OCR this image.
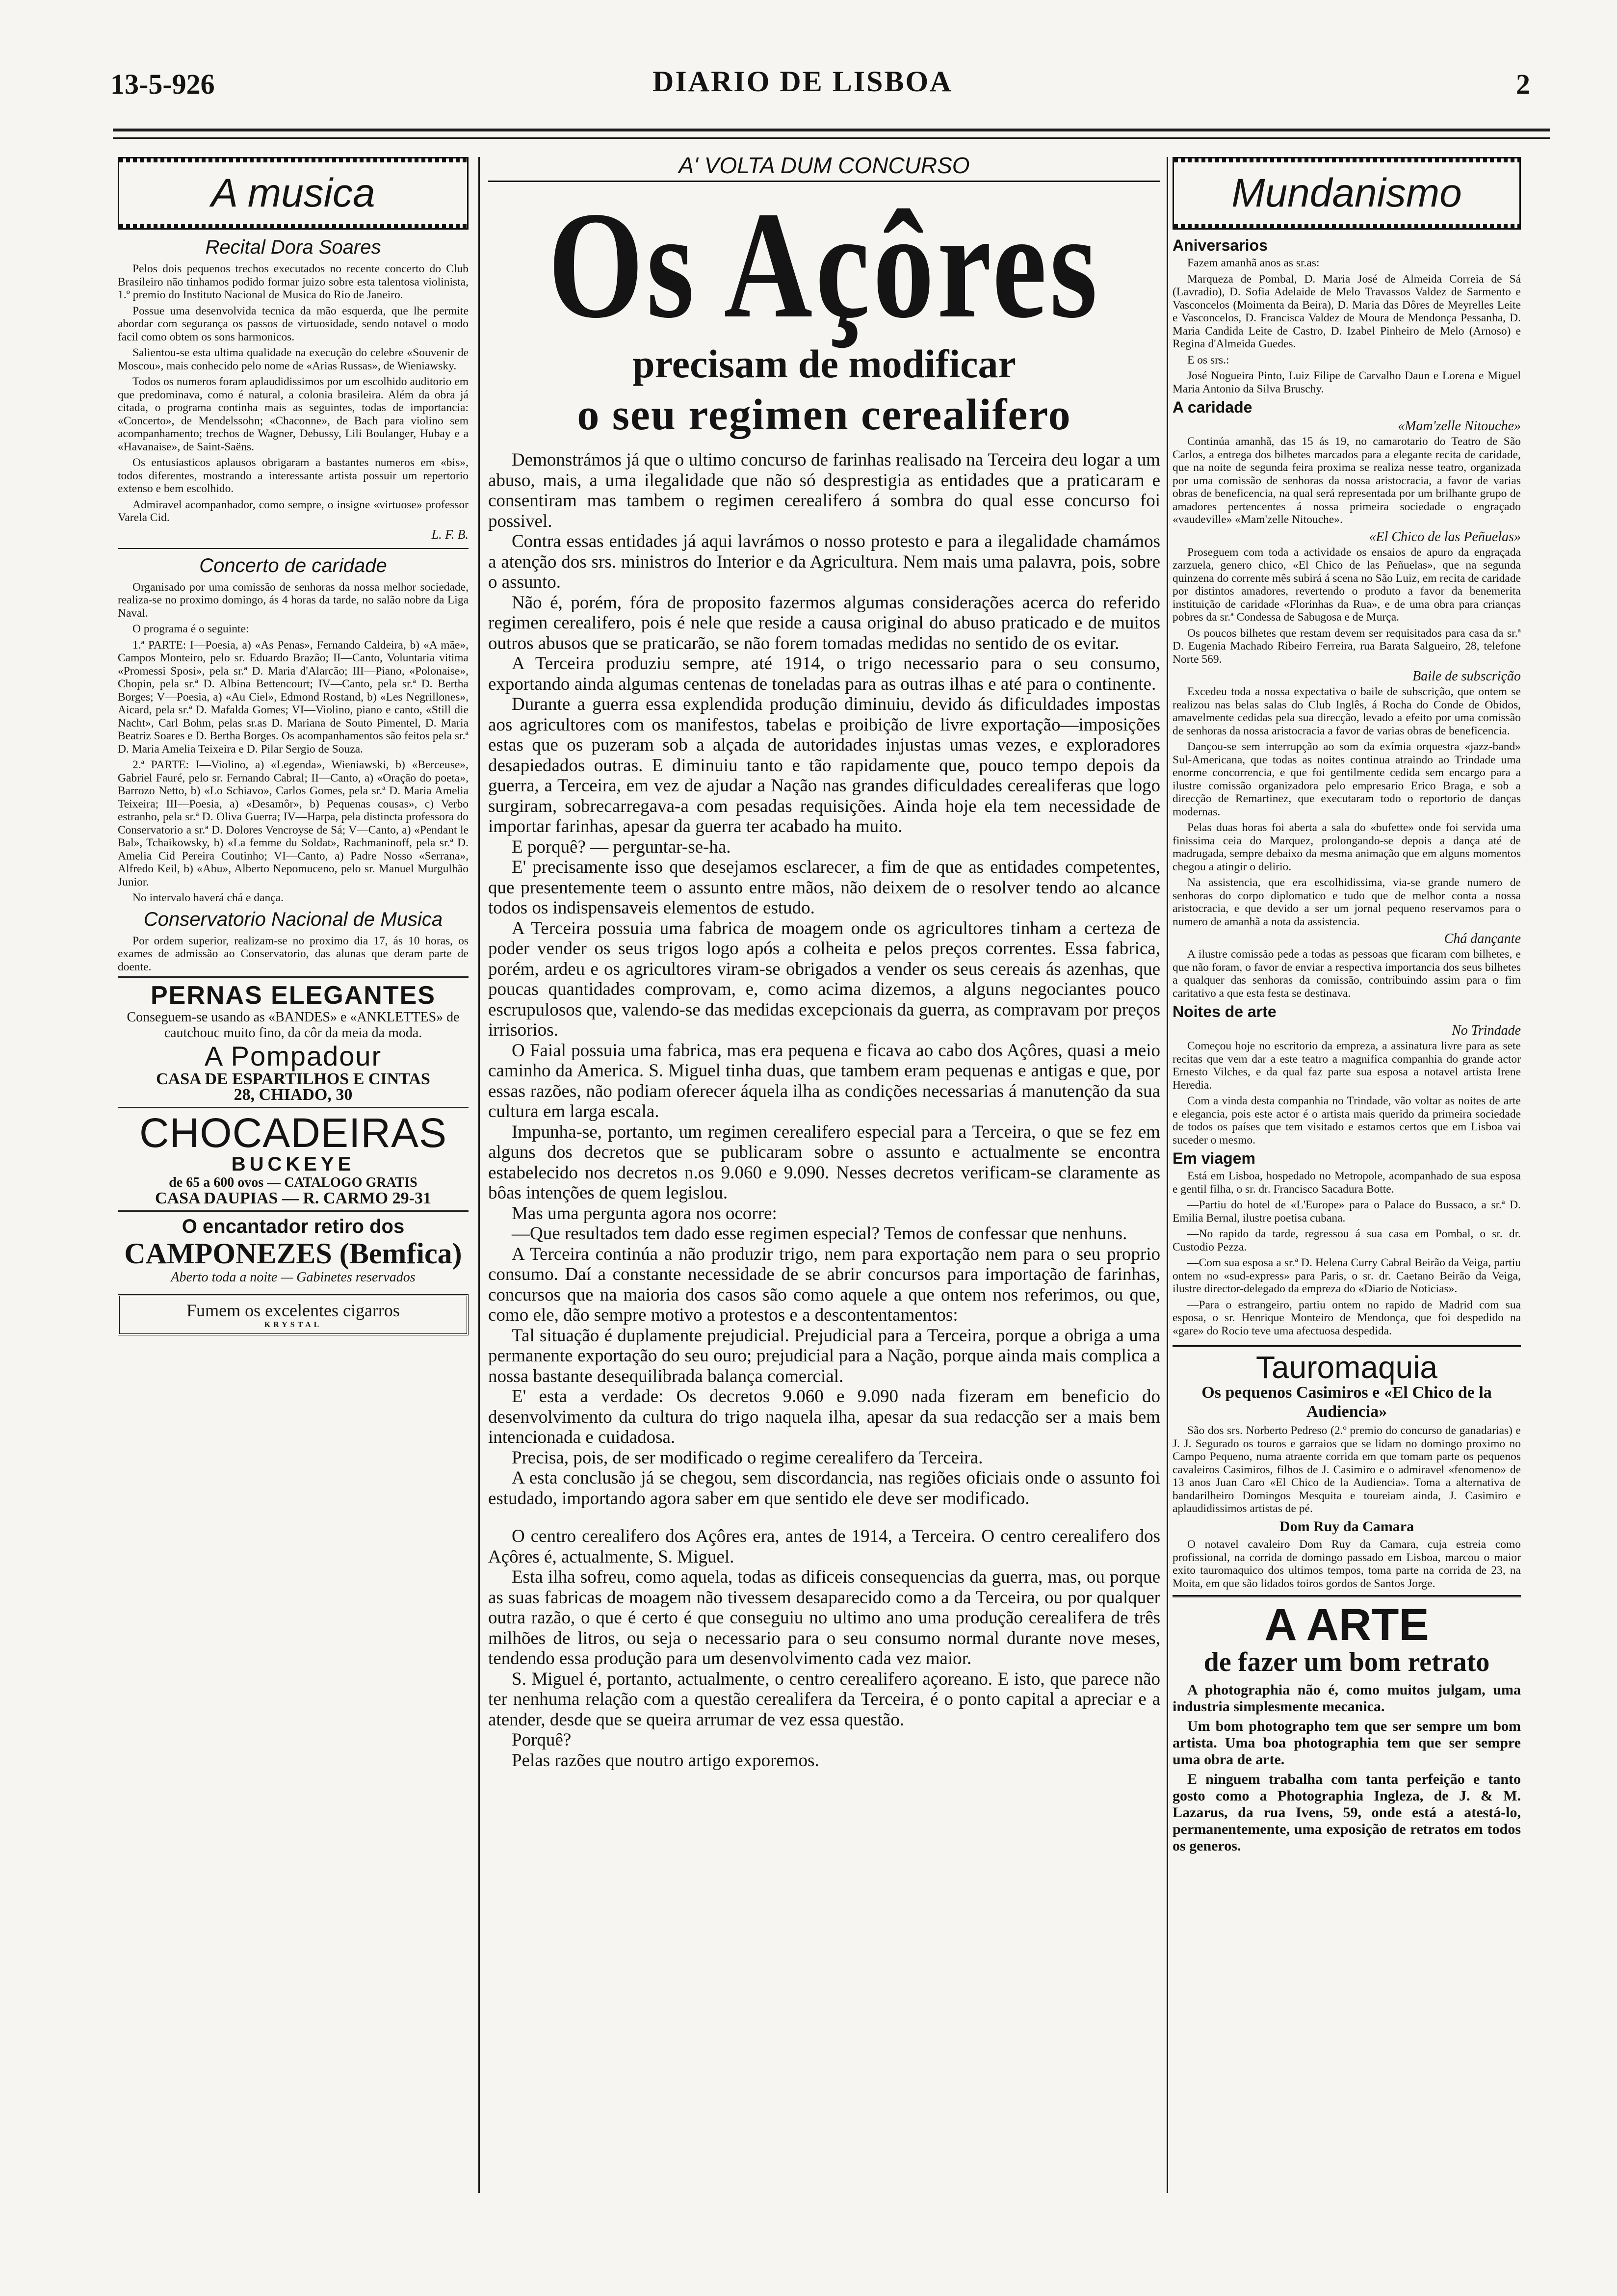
13-5-926	DIARIO DE LISBOA	2
A musica
Recital Dora Soares

Pelos dois pequenos trechos executados no recente concerto do Club Brasileiro não tinhamos podido formar juizo sobre esta talentosa violinista, 1.º premio do Instituto Nacional de Musica do Rio de Janeiro.

Possue uma desenvolvida tecnica da mão esquerda, que lhe permite abordar com segurança os passos de virtuosidade, sendo notavel o modo facil como obtem os sons harmonicos.

Salientou-se esta ultima qualidade na execução do celebre «Souvenir de Moscou», mais conhecido pelo nome de «Arias Russas», de Wieniawsky.

Todos os numeros foram aplaudidissimos por um escolhido auditorio em que predominava, como é natural, a colonia brasileira. Além da obra já citada, o programa continha mais as seguintes, todas de importancia: «Concerto», de Mendelssohn; «Chaconne», de Bach para violino sem acompanhamento; trechos de Wagner, Debussy, Lili Boulanger, Hubay e a «Havanaise», de Saint-Saëns.

Os entusiasticos aplausos obrigaram a bastantes numeros em «bis», todos diferentes, mostrando a interessante artista possuir um repertorio extenso e bem escolhido.

Admiravel acompanhador, como sempre, o insigne «virtuose» professor Varela Cid.

L. F. B.
Concerto de caridade

Organisado por uma comissão de senhoras da nossa melhor sociedade, realiza-se no proximo domingo, ás 4 horas da tarde, no salão nobre da Liga Naval.

O programa é o seguinte:

1.ª PARTE: I—Poesia, a) «As Penas», Fernando Caldeira, b) «A mãe», Campos Monteiro, pelo sr. Eduardo Brazão; II—Canto, Voluntaria vitima «Promessi Sposi», pela sr.ª D. Maria d'Alarcão; III—Piano, «Polonaise», Chopin, pela sr.ª D. Albina Bettencourt; IV—Canto, pela sr.ª D. Bertha Borges; V—Poesia, a) «Au Ciel», Edmond Rostand, b) «Les Negrillones», Aicard, pela sr.ª D. Mafalda Gomes; VI—Violino, piano e canto, «Still die Nacht», Carl Bohm, pelas sr.as D. Mariana de Souto Pimentel, D. Maria Beatriz Soares e D. Bertha Borges. Os acompanhamentos são feitos pela sr.ª D. Maria Amelia Teixeira e D. Pilar Sergio de Souza.

2.ª PARTE: I—Violino, a) «Legenda», Wieniawski, b) «Berceuse», Gabriel Fauré, pelo sr. Fernando Cabral; II—Canto, a) «Oração do poeta», Barrozo Netto, b) «Lo Schiavo», Carlos Gomes, pela sr.ª D. Maria Amelia Teixeira; III—Poesia, a) «Desamôr», b) Pequenas cousas», c) Verbo estranho, pela sr.ª D. Oliva Guerra; IV—Harpa, pela distincta professora do Conservatorio a sr.ª D. Dolores Vencroyse de Sá; V—Canto, a) «Pendant le Bal», Tchaikowsky, b) «La femme du Soldat», Rachmaninoff, pela sr.ª D. Amelia Cid Pereira Coutinho; VI—Canto, a) Padre Nosso «Serrana», Alfredo Keil, b) «Abu», Alberto Nepomuceno, pelo sr. Manuel Murgulhão Junior.

No intervalo haverá chá e dança.

Conservatorio Nacional de Musica

Por ordem superior, realizam-se no proximo dia 17, ás 10 horas, os exames de admissão ao Conservatorio, das alunas que deram parte de doente.

PERNAS ELEGANTES
Conseguem-se usando as «BANDES» e «ANKLETTES» de cautchouc muito fino, da côr da meia da moda.
A Pompadour
CASA DE ESPARTILHOS E CINTAS
28, CHIADO, 30
CHOCADEIRAS
BUCKEYE
de 65 a 600 ovos — CATALOGO GRATIS
CASA DAUPIAS — R. CARMO 29-31
O encantador retiro dos
CAMPONEZES (Bemfica)
Aberto toda a noite — Gabinetes reservados
Fumem os excelentes cigarros
KRYSTAL
A' VOLTA DUM CONCURSO
Os Açôres
precisam de modificar
o seu regimen cerealifero

Demonstrámos já que o ultimo concurso de farinhas realisado na Terceira deu logar a um abuso, mais, a uma ilegalidade que não só desprestigia as entidades que a praticaram e consentiram mas tambem o regimen cerealifero á sombra do qual esse concurso foi possivel.

Contra essas entidades já aqui lavrámos o nosso protesto e para a ilegalidade chamámos a atenção dos srs. ministros do Interior e da Agricultura. Nem mais uma palavra, pois, sobre o assunto.

Não é, porém, fóra de proposito fazermos algumas considerações acerca do referido regimen cerealifero, pois é nele que reside a causa original do abuso praticado e de muitos outros abusos que se praticarão, se não forem tomadas medidas no sentido de os evitar.

A Terceira produziu sempre, até 1914, o trigo necessario para o seu consumo, exportando ainda algumas centenas de toneladas para as outras ilhas e até para o continente.

Durante a guerra essa explendida produção diminuiu, devido ás dificuldades impostas aos agricultores com os manifestos, tabelas e proibição de livre exportação—imposições estas que os puzeram sob a alçada de autoridades injustas umas vezes, e exploradores desapiedados outras. E diminuiu tanto e tão rapidamente que, pouco tempo depois da guerra, a Terceira, em vez de ajudar a Nação nas grandes dificuldades cerealiferas que logo surgiram, sobrecarregava-a com pesadas requisições. Ainda hoje ela tem necessidade de importar farinhas, apesar da guerra ter acabado ha muito.

E porquê? — perguntar-se-ha.

E' precisamente isso que desejamos esclarecer, a fim de que as entidades competentes, que presentemente teem o assunto entre mãos, não deixem de o resolver tendo ao alcance todos os indispensaveis elementos de estudo.

A Terceira possuia uma fabrica de moagem onde os agricultores tinham a certeza de poder vender os seus trigos logo após a colheita e pelos preços correntes. Essa fabrica, porém, ardeu e os agricultores viram-se obrigados a vender os seus cereais ás azenhas, que poucas quantidades comprovam, e, como acima dizemos, a alguns negociantes pouco escrupulosos que, valendo-se das medidas excepcionais da guerra, as compravam por preços irrisorios.

O Faial possuia uma fabrica, mas era pequena e ficava ao cabo dos Açôres, quasi a meio caminho da America. S. Miguel tinha duas, que tambem eram pequenas e antigas e que, por essas razões, não podiam oferecer áquela ilha as condições necessarias á manutenção da sua cultura em larga escala.

Impunha-se, portanto, um regimen cerealifero especial para a Terceira, o que se fez em alguns dos decretos que se publicaram sobre o assunto e actualmente se encontra estabelecido nos decretos n.os 9.060 e 9.090. Nesses decretos verificam-se claramente as bôas intenções de quem legislou.

Mas uma pergunta agora nos ocorre:

—Que resultados tem dado esse regimen especial? Temos de confessar que nenhuns.

A Terceira continúa a não produzir trigo, nem para exportação nem para o seu proprio consumo. Daí a constante necessidade de se abrir concursos para importação de farinhas, concursos que na maioria dos casos são como aquele a que ontem nos referimos, ou que, como ele, dão sempre motivo a protestos e a descontentamentos:

Tal situação é duplamente prejudicial. Prejudicial para a Terceira, porque a obriga a uma permanente exportação do seu ouro; prejudicial para a Nação, porque ainda mais complica a nossa bastante desequilibrada balança comercial.

E' esta a verdade: Os decretos 9.060 e 9.090 nada fizeram em beneficio do desenvolvimento da cultura do trigo naquela ilha, apesar da sua redacção ser a mais bem intencionada e cuidadosa.

Precisa, pois, de ser modificado o regime cerealifero da Terceira.

A esta conclusão já se chegou, sem discordancia, nas regiões oficiais onde o assunto foi estudado, importando agora saber em que sentido ele deve ser modificado.

O centro cerealifero dos Açôres era, antes de 1914, a Terceira. O centro cerealifero dos Açôres é, actualmente, S. Miguel.

Esta ilha sofreu, como aquela, todas as dificeis consequencias da guerra, mas, ou porque as suas fabricas de moagem não tivessem desaparecido como a da Terceira, ou por qualquer outra razão, o que é certo é que conseguiu no ultimo ano uma produção cerealifera de três milhões de litros, ou seja o necessario para o seu consumo normal durante nove meses, tendendo essa produção para um desenvolvimento cada vez maior.

S. Miguel é, portanto, actualmente, o centro cerealifero açoreano. E isto, que parece não ter nenhuma relação com a questão cerealifera da Terceira, é o ponto capital a apreciar e a atender, desde que se queira arrumar de vez essa questão.

Porquê?

Pelas razões que noutro artigo exporemos.

Mundanismo
Aniversarios

Fazem amanhã anos as sr.as:

Marqueza de Pombal, D. Maria José de Almeida Correia de Sá (Lavradio), D. Sofia Adelaide de Melo Travassos Valdez de Sarmento e Vasconcelos (Moimenta da Beira), D. Maria das Dôres de Meyrelles Leite e Vasconcelos, D. Francisca Valdez de Moura de Mendonça Pessanha, D. Maria Candida Leite de Castro, D. Izabel Pinheiro de Melo (Arnoso) e Regina d'Almeida Guedes.

E os srs.:

José Nogueira Pinto, Luiz Filipe de Carvalho Daun e Lorena e Miguel Maria Antonio da Silva Bruschy.

A caridade
«Mam'zelle Nitouche»

Continúa amanhã, das 15 ás 19, no camarotario do Teatro de São Carlos, a entrega dos bilhetes marcados para a elegante recita de caridade, que na noite de segunda feira proxima se realiza nesse teatro, organizada por uma comissão de senhoras da nossa aristocracia, a favor de varias obras de beneficencia, na qual será representada por um brilhante grupo de amadores pertencentes á nossa primeira sociedade o engraçado «vaudeville» «Mam'zelle Nitouche».

«El Chico de las Peñuelas»

Proseguem com toda a actividade os ensaios de apuro da engraçada zarzuela, genero chico, «El Chico de las Peñuelas», que na segunda quinzena do corrente mês subirá á scena no São Luiz, em recita de caridade por distintos amadores, revertendo o produto a favor da benemerita instituição de caridade «Florinhas da Rua», e de uma obra para crianças pobres da sr.ª Condessa de Sabugosa e de Murça.

Os poucos bilhetes que restam devem ser requisitados para casa da sr.ª D. Eugenia Machado Ribeiro Ferreira, rua Barata Salgueiro, 28, telefone Norte 569.

Baile de subscrição

Excedeu toda a nossa expectativa o baile de subscrição, que ontem se realizou nas belas salas do Club Inglês, á Rocha do Conde de Obidos, amavelmente cedidas pela sua direcção, levado a efeito por uma comissão de senhoras da nossa aristocracia a favor de varias obras de beneficencia.

Dançou-se sem interrupção ao som da exímia orquestra «jazz-band» Sul-Americana, que todas as noites continua atraindo ao Trindade uma enorme concorrencia, e que foi gentilmente cedida sem encargo para a ilustre comissão organizadora pelo empresario Erico Braga, e sob a direcção de Remartinez, que executaram todo o reportorio de danças modernas.

Pelas duas horas foi aberta a sala do «bufette» onde foi servida uma finissima ceia do Marquez, prolongando-se depois a dança até de madrugada, sempre debaixo da mesma animação que em alguns momentos chegou a atingir o delirio.

Na assistencia, que era escolhidissima, via-se grande numero de senhoras do corpo diplomatico e tudo que de melhor conta a nossa aristocracia, e que devido a ser um jornal pequeno reservamos para o numero de amanhã a nota da assistencia.

Chá dançante

A ilustre comissão pede a todas as pessoas que ficaram com bilhetes, e que não foram, o favor de enviar a respectiva importancia dos seus bilhetes a qualquer das senhoras da comissão, contribuindo assim para o fim caritativo a que esta festa se destinava.

Noites de arte
No Trindade

Começou hoje no escritorio da empreza, a assinatura livre para as sete recitas que vem dar a este teatro a magnifica companhia do grande actor Ernesto Vilches, e da qual faz parte sua esposa a notavel artista Irene Heredia.

Com a vinda desta companhia no Trindade, vão voltar as noites de arte e elegancia, pois este actor é o artista mais querido da primeira sociedade de todos os países que tem visitado e estamos certos que em Lisboa vai suceder o mesmo.

Em viagem

Está em Lisboa, hospedado no Metropole, acompanhado de sua esposa e gentil filha, o sr. dr. Francisco Sacadura Botte.

—Partiu do hotel de «L'Europe» para o Palace do Bussaco, a sr.ª D. Emilia Bernal, ilustre poetisa cubana.

—No rapido da tarde, regressou á sua casa em Pombal, o sr. dr. Custodio Pezza.

—Com sua esposa a sr.ª D. Helena Curry Cabral Beirão da Veiga, partiu ontem no «sud-express» para Paris, o sr. dr. Caetano Beirão da Veiga, ilustre director-delegado da empreza do «Diario de Noticias».

—Para o estrangeiro, partiu ontem no rapido de Madrid com sua esposa, o sr. Henrique Monteiro de Mendonça, que foi despedido na «gare» do Rocio teve uma afectuosa despedida.

Tauromaquia
Os pequenos Casimiros e «El Chico de la Audiencia»

São dos srs. Norberto Pedreso (2.º premio do concurso de ganadarias) e J. J. Segurado os touros e garraios que se lidam no domingo proximo no Campo Pequeno, numa atraente corrida em que tomam parte os pequenos cavaleiros Casimiros, filhos de J. Casimiro e o admiravel «fenomeno» de 13 anos Juan Caro «El Chico de la Audiencia». Toma a alternativa de bandarilheiro Domingos Mesquita e toureiam ainda, J. Casimiro e aplaudidissimos artistas de pé.

Dom Ruy da Camara

O notavel cavaleiro Dom Ruy da Camara, cuja estreia como profissional, na corrida de domingo passado em Lisboa, marcou o maior exito tauromaquico dos ultimos tempos, toma parte na corrida de 23, na Moita, em que são lidados toiros gordos de Santos Jorge.

A ARTE
de fazer um bom retrato

A photographia não é, como muitos julgam, uma industria simplesmente mecanica.

Um bom photographo tem que ser sempre um bom artista. Uma boa photographia tem que ser sempre uma obra de arte.

E ninguem trabalha com tanta perfeição e tanto gosto como a Photographia Ingleza, de J. & M. Lazarus, da rua Ivens, 59, onde está a atestá-lo, permanentemente, uma exposição de retratos em todos os generos.
